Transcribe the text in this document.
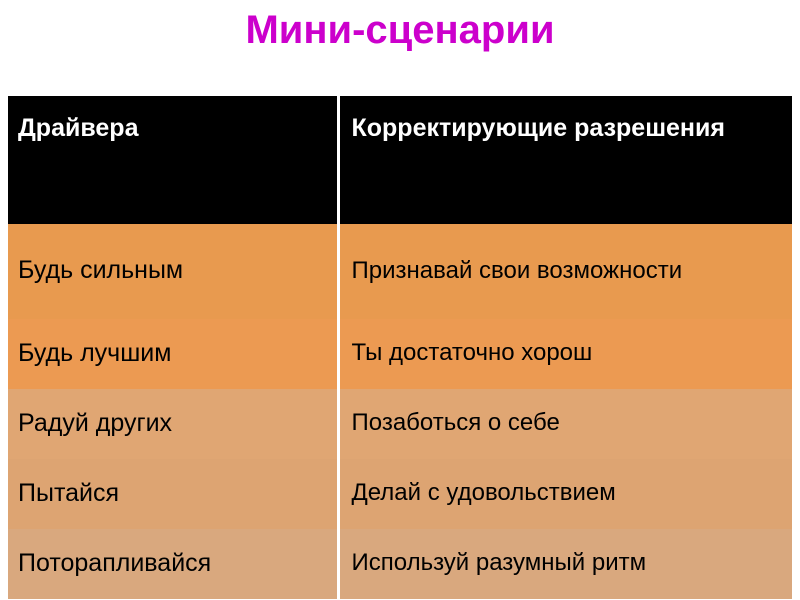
Мини-сценарии
Драйвера	Корректирующие разрешения
Будь сильным	Признавай свои возможности
Будь лучшим	Ты достаточно хорош
Радуй других	Позаботься о себе
Пытайся	Делай с удовольствием
Поторапливайся	Используй разумный ритм
